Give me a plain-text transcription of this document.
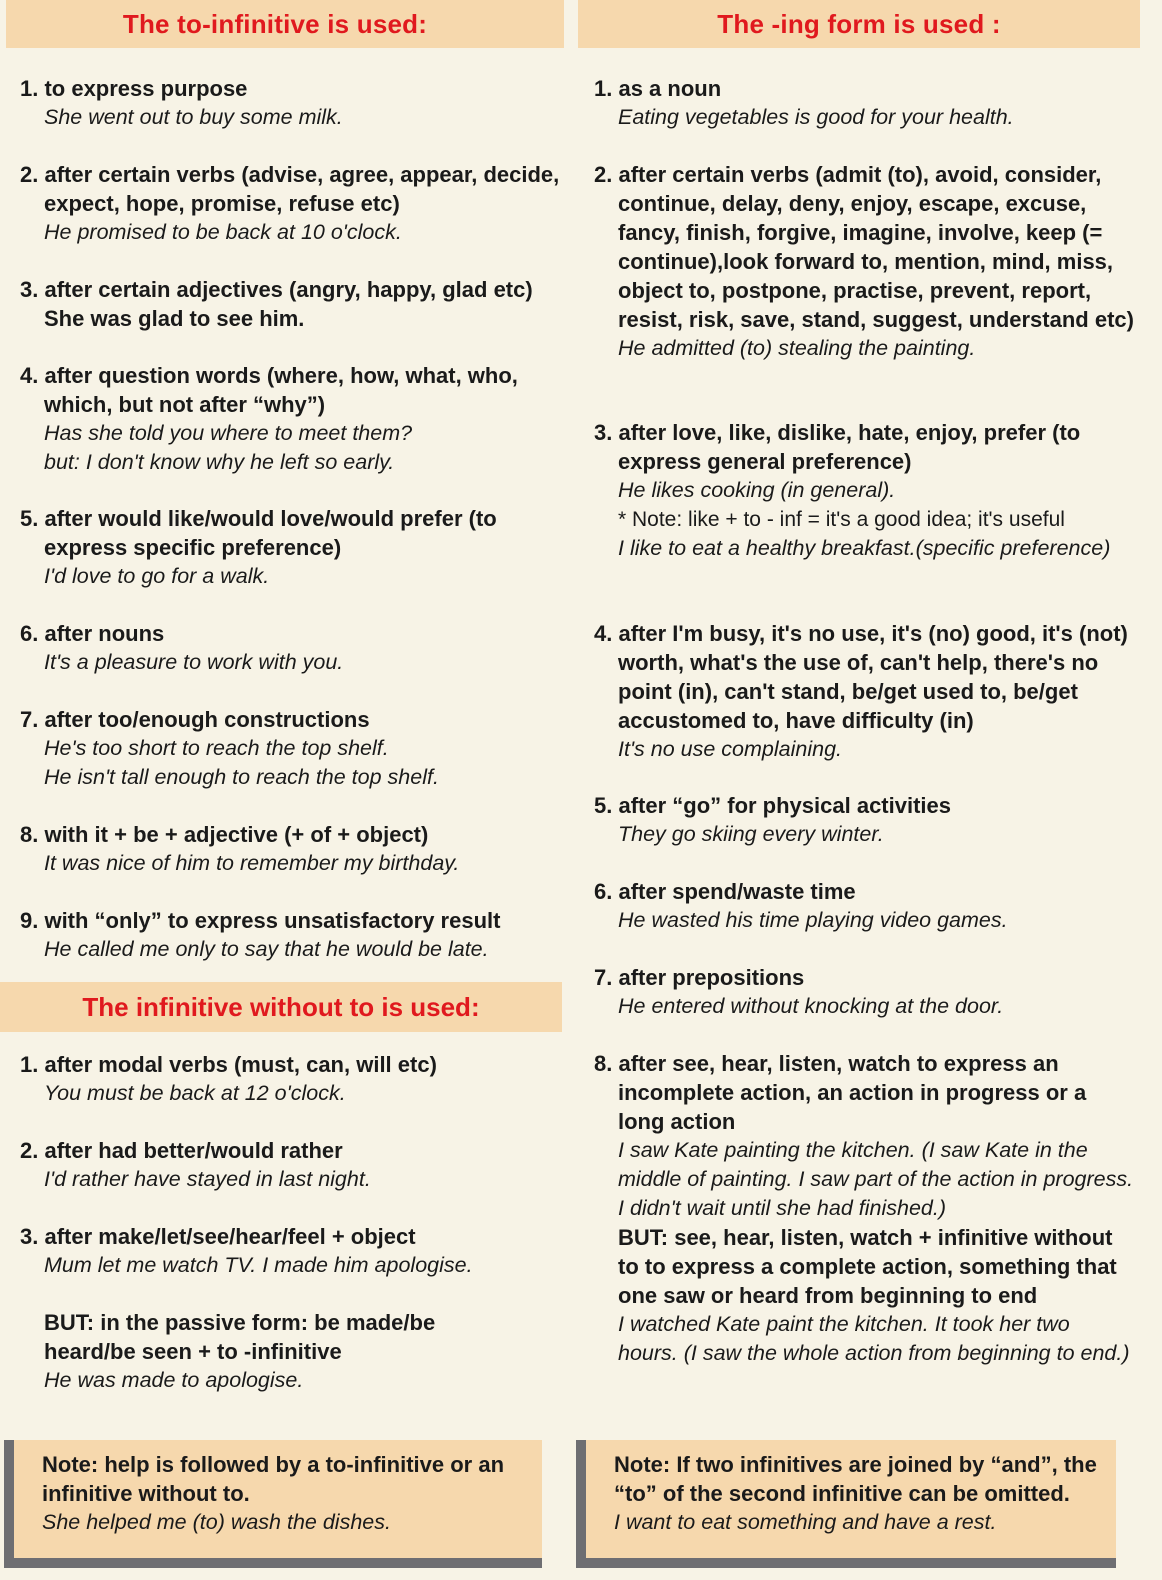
The to-infinitive is used:
1. to express purpose
She went out to buy some milk.
2. after certain verbs (advise, agree, appear, decide, expect, hope, promise, refuse etc)
He promised to be back at 10 o'clock.
3. after certain adjectives (angry, happy, glad etc) She was glad to see him.
4. after question words (where, how, what, who, which, but not after “why”)
Has she told you where to meet them?
but: I don't know why he left so early.
5. after would like/would love/would prefer (to express specific preference)
I'd love to go for a walk.
6. after nouns
It's a pleasure to work with you.
7. after too/enough constructions
He's too short to reach the top shelf.
He isn't tall enough to reach the top shelf.
8. with it + be + adjective (+ of + object)
It was nice of him to remember my birthday.
9. with “only” to express unsatisfactory result
He called me only to say that he would be late.
The infinitive without to is used:
1. after modal verbs (must, can, will etc)
You must be back at 12 o'clock.
2. after had better/would rather
I'd rather have stayed in last night.
3. after make/let/see/hear/feel + object
Mum let me watch TV. I made him apologise.
BUT: in the passive form: be made/be heard/be seen + to -infinitive
He was made to apologise.
The -ing form is used :
1. as a noun
Eating vegetables is good for your health.
2. after certain verbs (admit (to), avoid, consider, continue, delay, deny, enjoy, escape, excuse, fancy, finish, forgive, imagine, involve, keep (= continue),look forward to, mention, mind, miss, object to, postpone, practise, prevent, report, resist, risk, save, stand, suggest, understand etc)
He admitted (to) stealing the painting.
3. after love, like, dislike, hate, enjoy, prefer (to express general preference)
He likes cooking (in general).
* Note: like + to - inf = it's a good idea; it's useful
I like to eat a healthy breakfast.(specific preference)
4. after I'm busy, it's no use, it's (no) good, it's (not) worth, what's the use of, can't help, there's no point (in), can't stand, be/get used to, be/get accustomed to, have difficulty (in)
It's no use complaining.
5. after “go” for physical activities
They go skiing every winter.
6. after spend/waste time
He wasted his time playing video games.
7. after prepositions
He entered without knocking at the door.
8. after see, hear, listen, watch to express an incomplete action, an action in progress or a long action
I saw Kate painting the kitchen. (I saw Kate in the middle of painting. I saw part of the action in progress. I didn't wait until she had finished.)
BUT: see, hear, listen, watch + infinitive without to to express a complete action, something that one saw or heard from beginning to end
I watched Kate paint the kitchen. It took her two hours. (I saw the whole action from beginning to end.)
Note: help is followed by a to-infinitive or an infinitive without to.
She helped me (to) wash the dishes.
Note: If two infinitives are joined by “and”, the “to” of the second infinitive can be omitted.
I want to eat something and have a rest.
